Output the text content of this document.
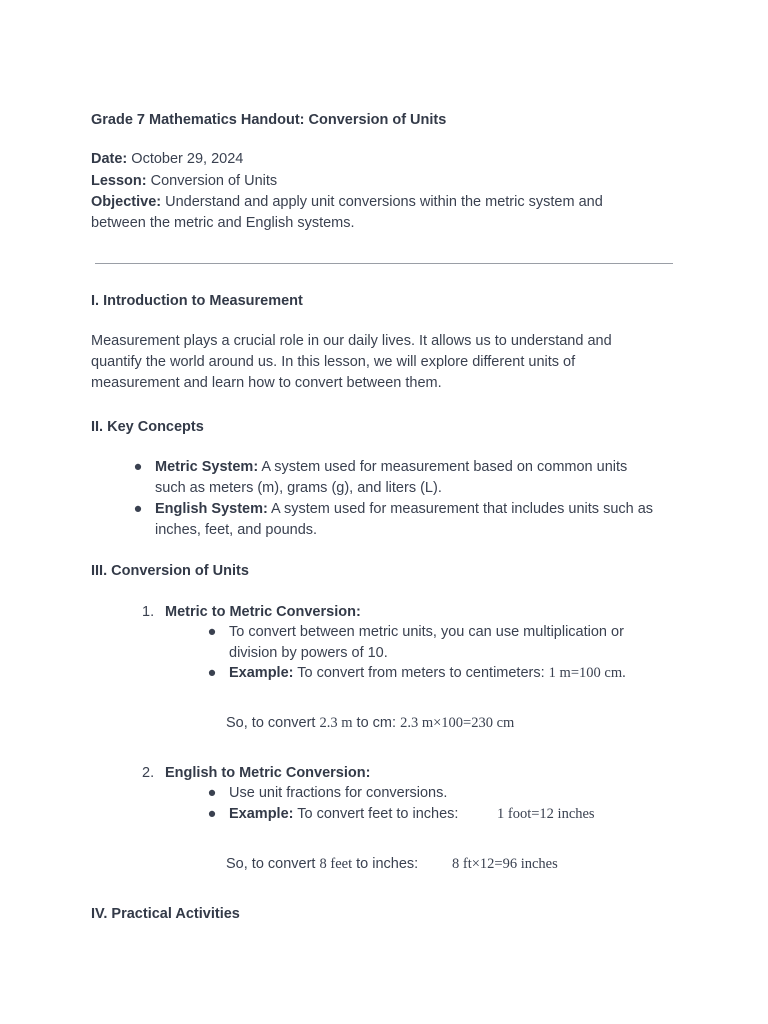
Grade 7 Mathematics Handout: Conversion of Units
Date: October 29, 2024
Lesson: Conversion of Units
Objective: Understand and apply unit conversions within the metric system and between the metric and English systems.
I. Introduction to Measurement
Measurement plays a crucial role in our daily lives. It allows us to understand and quantify the world around us. In this lesson, we will explore different units of measurement and learn how to convert between them.
II. Key Concepts
● Metric System: A system used for measurement based on common units such as meters (m), grams (g), and liters (L).
● English System: A system used for measurement that includes units such as inches, feet, and pounds.
III. Conversion of Units
1. Metric to Metric Conversion:
● To convert between metric units, you can use multiplication or division by powers of 10.
● Example: To convert from meters to centimeters: 1 m=100 cm.
So, to convert 2.3 m to cm: 2.3 m×100=230 cm
2. English to Metric Conversion:
● Use unit fractions for conversions.
● Example: To convert feet to inches:	1 foot=12 inches
So, to convert 8 feet to inches: 8 ft×12=96 inches
IV. Practical Activities
